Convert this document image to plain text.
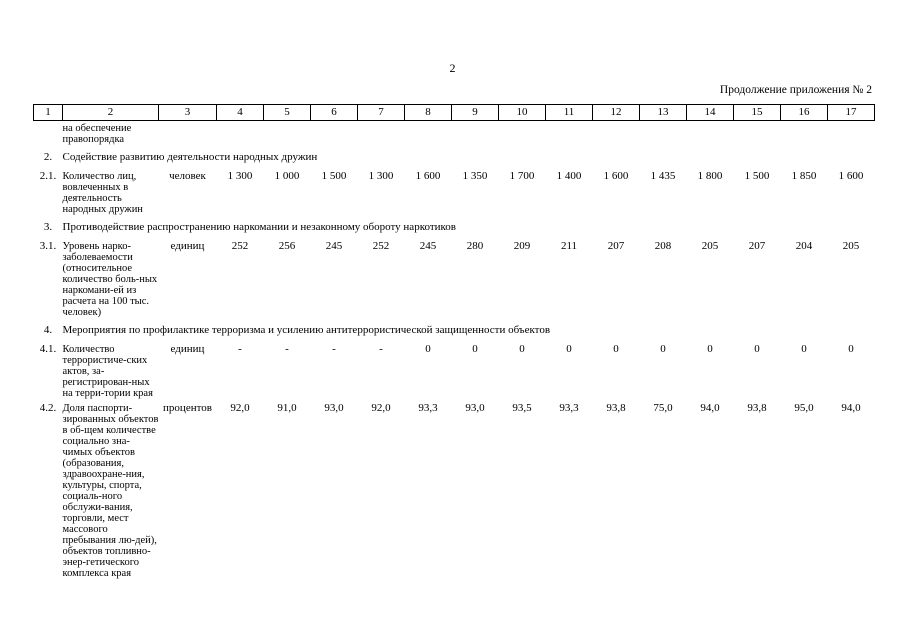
2
Продолжение приложения № 2
1	2	3	4	5	6	7	8	9	10	11	12	13	14	15	16	17
	на обеспечение правопорядка															
2.	Содействие развитию деятельности народных дружин															
2.1.	Количество лиц, вовлеченных в деятельность народных дружин	человек	1 300	1 000	1 500	1 300	1 600	1 350	1 700	1 400	1 600	1 435	1 800	1 500	1 850	1 600
3.	Противодействие распространению наркомании и незаконному обороту наркотиков															
3.1.	Уровень нарко-заболеваемости (относительное количество боль-ных наркомани-ей из расчета на 100 тыс. человек)	единиц	252	256	245	252	245	280	209	211	207	208	205	207	204	205
4.	Мероприятия по профилактике терроризма и усилению антитеррористической защищенности объектов															
4.1.	Количество террористиче-ских актов, за-регистрирован-ных на терри-тории края	единиц	-	-	-	-	0	0	0	0	0	0	0	0	0	0
4.2.	Доля паспорти-зированных объектов в об-щем количестве социально зна-чимых объектов (образования, здравоохране-ния, культуры, спорта, социаль-ного обслужи-вания, торговли, мест массового пребывания лю-дей), объектов топливно-энер-гетического комплекса края	процентов	92,0	91,0	93,0	92,0	93,3	93,0	93,5	93,3	93,8	75,0	94,0	93,8	95,0	94,0
